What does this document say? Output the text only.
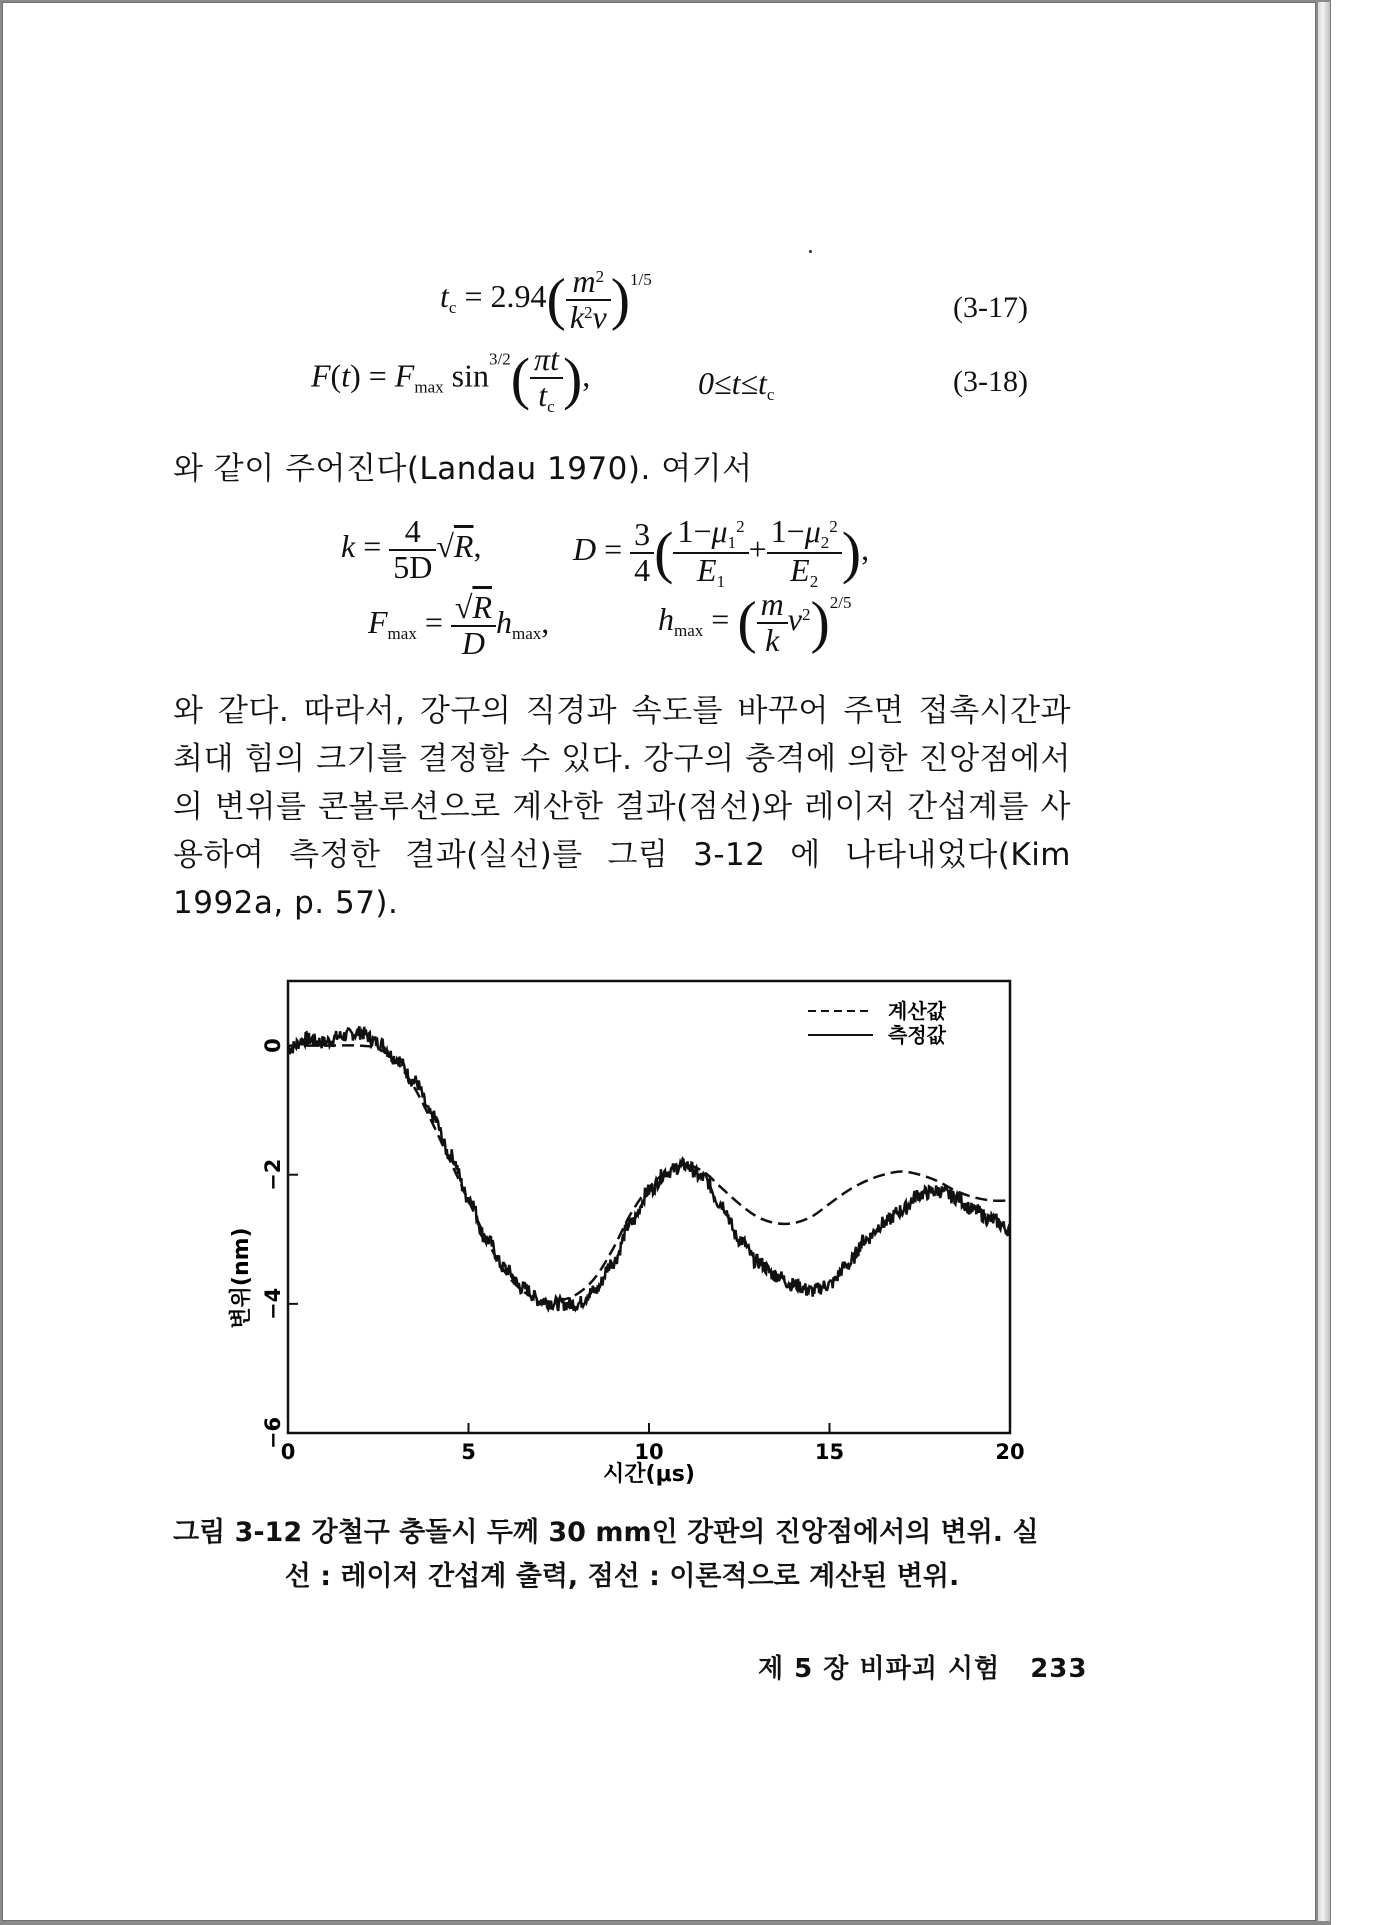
$t_c = 2.94( \frac{m^2}{k^2v} )^{1/5}$
(3-17)
$F(t) = F_{max}$ $\sin^{3/2}( \frac{\pi t}{t_c}$ ),	$0\le t\le t_c$	(3-18)
와 같이 주어진다(Landau 1970). 여기서
$k = \frac{4}{5D} √R$,	$D = \frac{3}{4}$ ( $\frac{1-\mu_1^2}{E_1} + \frac{1-\mu_2^2}{E_2}$ ),
$F_{max} = \frac{√R}{D} h_{max}$,	$h_{max}$ = ( $\frac{m}{k} v^2)^{2/5}$
와 같다. 따라서, 강구의 직경과 속도를 바꾸어 주면 접촉시간과 최대 힘의 크기를 결정할 수 있다. 강구의 충격에 의한 진앙점에서의 변위를 콘볼루션으로 계산한 결과(점선)와 레이저 간섭계를 사용하여 측정한 결과(실선)를 그림 3-12 에 나타내었다(Kim 1992a, p. 57).
0	5	10	15	20
0
−2
−4
−6
계산값
측정값
시간(μs)
변위(nm)
그림 3-12 강철구 충돌시 두께 30 mm인 강판의 진앙점에서의 변위. 실
선 : 레이저 간섭계 출력, 점선 : 이론적으로 계산된 변위.
제 5 장 비파괴 시험 233
